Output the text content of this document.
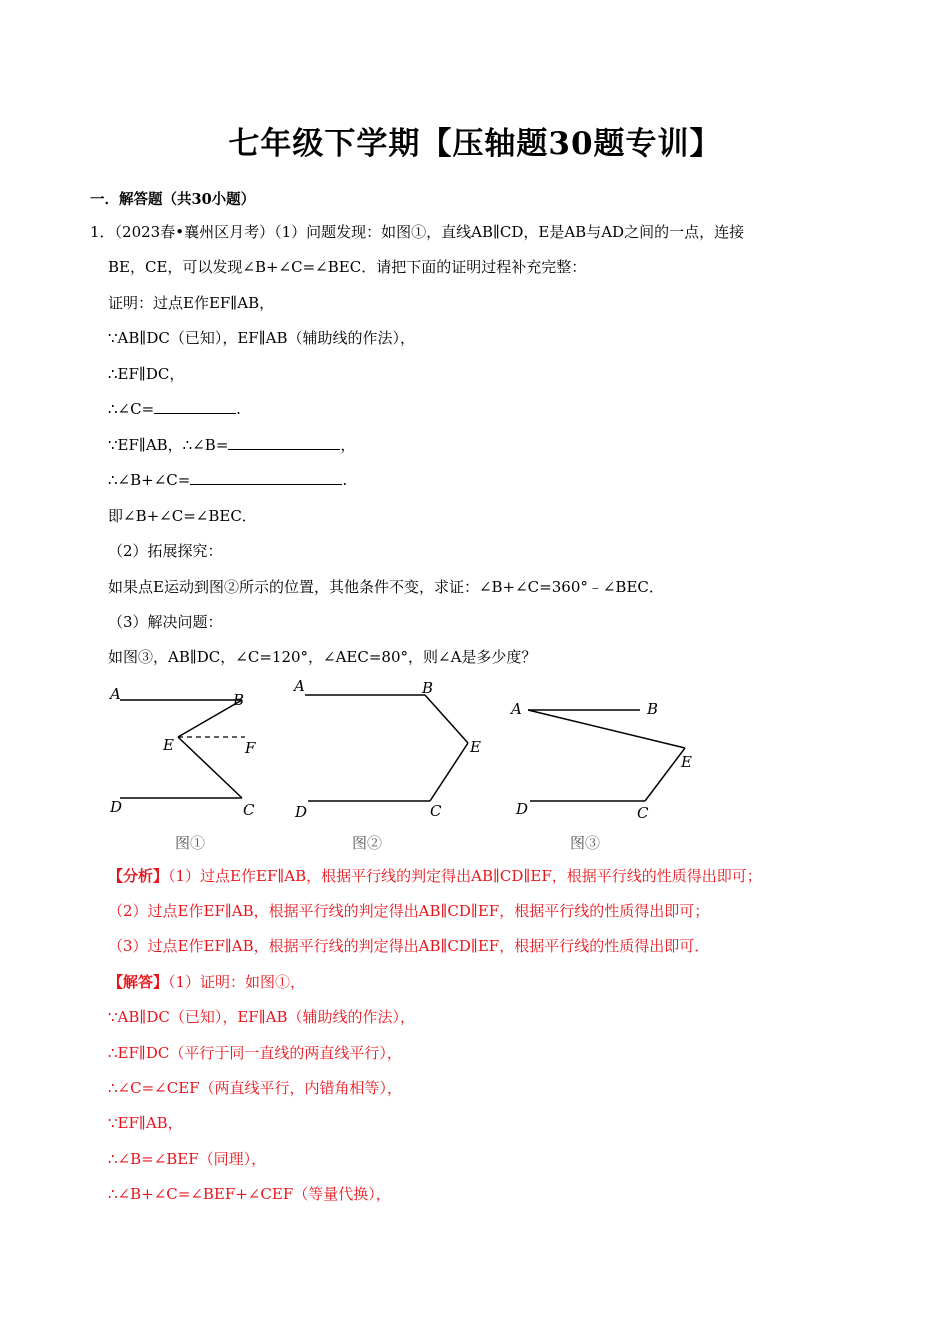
七年级下学期【压轴题30题专训】
一．解答题（共30小题）
1．（2023春•襄州区月考）（1）问题发现：如图①，直线AB∥CD，E是AB与AD之间的一点，连接
BE，CE，可以发现∠B+∠C=∠BEC．请把下面的证明过程补充完整：
证明：过点E作EF∥AB，
∵AB∥DC（已知），EF∥AB（辅助线的作法），
∴EF∥DC，
∴∠C=	.
∵EF∥AB，∴∠B=	，
∴∠B+∠C=	.
即∠B+∠C=∠BEC．
（2）拓展探究：
如果点E运动到图②所示的位置，其他条件不变，求证：∠B+∠C=360°﹣∠BEC．
（3）解决问题：
如图③，AB∥DC，∠C=120°，∠AEC=80°，则∠A是多少度？
A	B
E	F
D	C
图①
A	B
E
D	C
图②
A	B
E
D	C
图③
【分析】（1）过点E作EF∥AB，根据平行线的判定得出AB∥CD∥EF，根据平行线的性质得出即可；
（2）过点E作EF∥AB，根据平行线的判定得出AB∥CD∥EF，根据平行线的性质得出即可；
（3）过点E作EF∥AB，根据平行线的判定得出AB∥CD∥EF，根据平行线的性质得出即可．
【解答】（1）证明：如图①，
∵AB∥DC（已知），EF∥AB（辅助线的作法），
∴EF∥DC（平行于同一直线的两直线平行），
∴∠C=∠CEF（两直线平行，内错角相等），
∵EF∥AB，
∴∠B=∠BEF（同理），
∴∠B+∠C=∠BEF+∠CEF（等量代换），
